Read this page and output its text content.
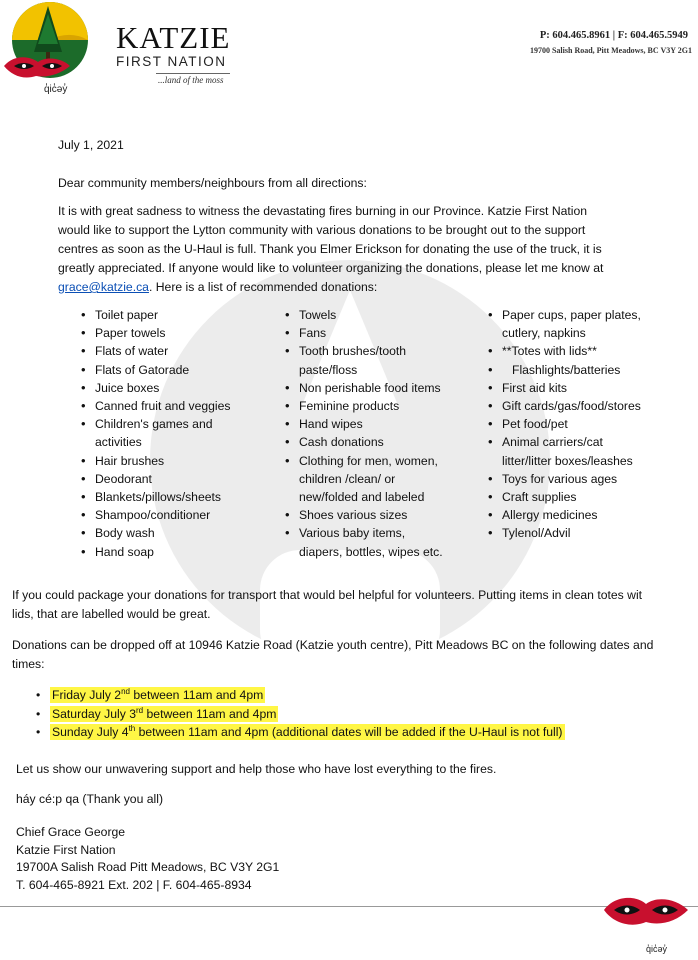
q̓ic̓əy̓
KATZIE
FIRST NATION
...land of the moss
P: 604.465.8961 | F: 604.465.5949
19700 Salish Road, Pitt Meadows, BC V3Y 2G1
July 1, 2021
Dear community members/neighbours from all directions:
It is with great sadness to witness the devastating fires burning in our Province. Katzie First Nation
would like to support the Lytton community with various donations to be brought out to the support
centres as soon as the U-Haul is full. Thank you Elmer Erickson for donating the use of the truck, it is
greatly appreciated. If anyone would like to volunteer organizing the donations, please let me know at
grace@katzie.ca. Here is a list of recommended donations:
• Toilet paper
• Paper towels
• Flats of water
• Flats of Gatorade
• Juice boxes
• Canned fruit and veggies
• Children's games and
activities
• Hair brushes
• Deodorant
• Blankets/pillows/sheets
• Shampoo/conditioner
• Body wash
• Hand soap
• Towels
• Fans
• Tooth brushes/tooth
paste/floss
• Non perishable food items
• Feminine products
• Hand wipes
• Cash donations
• Clothing for men, women,
children /clean/ or
new/folded and labeled
• Shoes various sizes
• Various baby items,
diapers, bottles, wipes etc.
• Paper cups, paper plates,
cutlery, napkins
• **Totes with lids**
• Flashlights/batteries
• First aid kits
• Gift cards/gas/food/stores
• Pet food/pet
• Animal carriers/cat
litter/litter boxes/leashes
• Toys for various ages
• Craft supplies
• Allergy medicines
• Tylenol/Advil
If you could package your donations for transport that would bel helpful for volunteers. Putting items in clean totes wit
lids, that are labelled would be great.
Donations can be dropped off at 10946 Katzie Road (Katzie youth centre), Pitt Meadows BC on the following dates and
times:
• Friday July 2nd between 11am and 4pm
• Saturday July 3rd between 11am and 4pm
• Sunday July 4th between 11am and 4pm (additional dates will be added if the U-Haul is not full)
Let us show our unwavering support and help those who have lost everything to the fires.
háy cé:p qa (Thank you all)
Chief Grace George
Katzie First Nation
19700A Salish Road Pitt Meadows, BC V3Y 2G1
T. 604-465-8921 Ext. 202 | F. 604-465-8934
q̓ic̓əy̓
